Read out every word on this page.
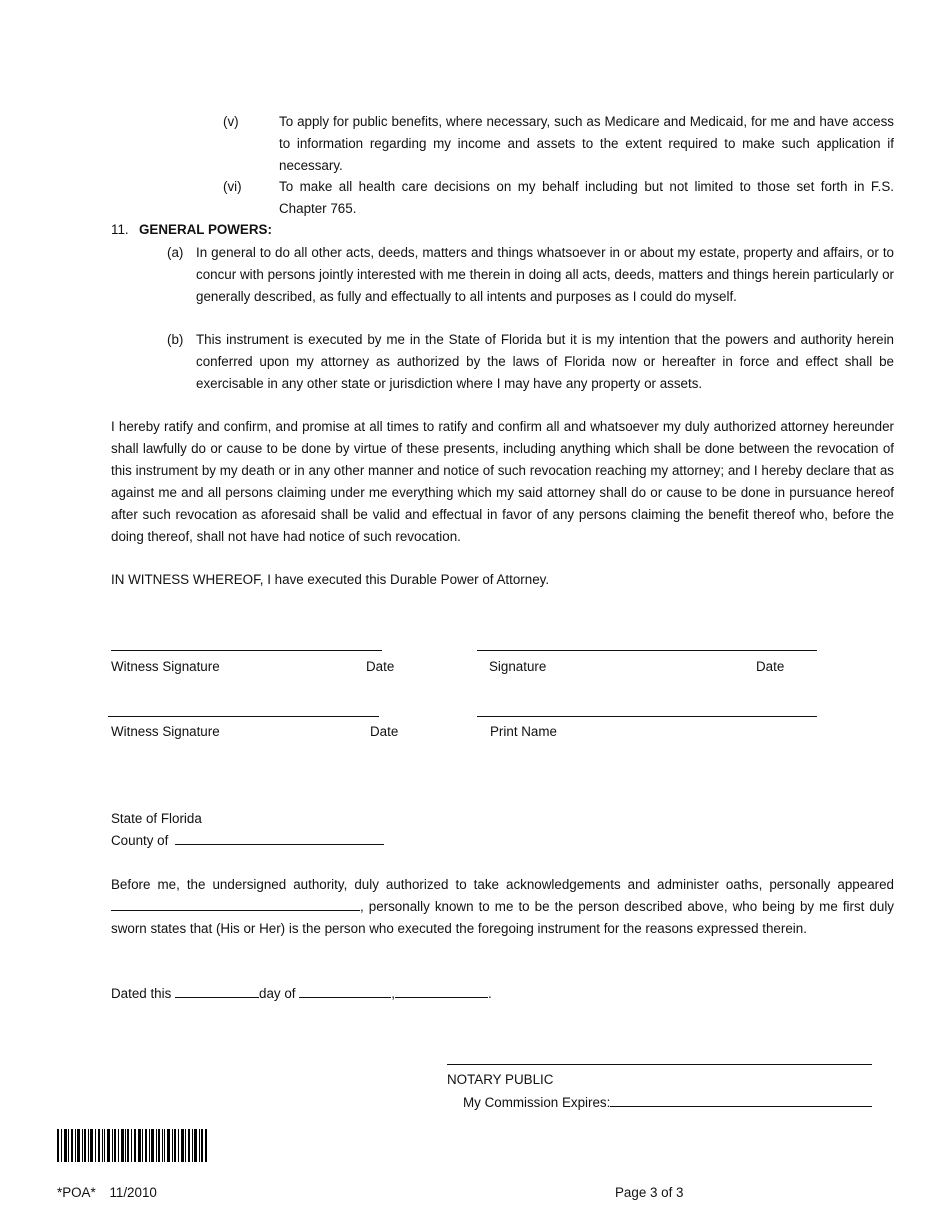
(v)	To apply for public benefits, where necessary, such as Medicare and Medicaid, for me and have access to information regarding my income and assets to the extent required to make such application if necessary.
(vi)	To make all health care decisions on my behalf including but not limited to those set forth in F.S. Chapter 765.
11. GENERAL POWERS:
(a) In general to do all other acts, deeds, matters and things whatsoever in or about my estate, property and affairs, or to concur with persons jointly interested with me therein in doing all acts, deeds, matters and things herein particularly or generally described, as fully and effectually to all intents and purposes as I could do myself.
(b) This instrument is executed by me in the State of Florida but it is my intention that the powers and authority herein conferred upon my attorney as authorized by the laws of Florida now or hereafter in force and effect shall be exercisable in any other state or jurisdiction where I may have any property or assets.
I hereby ratify and confirm, and promise at all times to ratify and confirm all and whatsoever my duly authorized attorney hereunder shall lawfully do or cause to be done by virtue of these presents, including anything which shall be done between the revocation of this instrument by my death or in any other manner and notice of such revocation reaching my attorney; and I hereby declare that as against me and all persons claiming under me everything which my said attorney shall do or cause to be done in pursuance hereof after such revocation as aforesaid shall be valid and effectual in favor of any persons claiming the benefit thereof who, before the doing thereof, shall not have had notice of such revocation.
IN WITNESS WHEREOF, I have executed this Durable Power of Attorney.
Witness Signature	Date	Signature	Date
Witness Signature	Date	Print Name
State of Florida
County of
Before me, the undersigned authority, duly authorized to take acknowledgements and administer oaths, personally appeared , personally known to me to be the person described above, who being by me first duly sworn states that (His or Her) is the person who executed the foregoing instrument for the reasons expressed therein.
Dated this	day of	,	.
NOTARY PUBLIC
My Commission Expires:
*POA* 11/2010	Page 3 of 3
